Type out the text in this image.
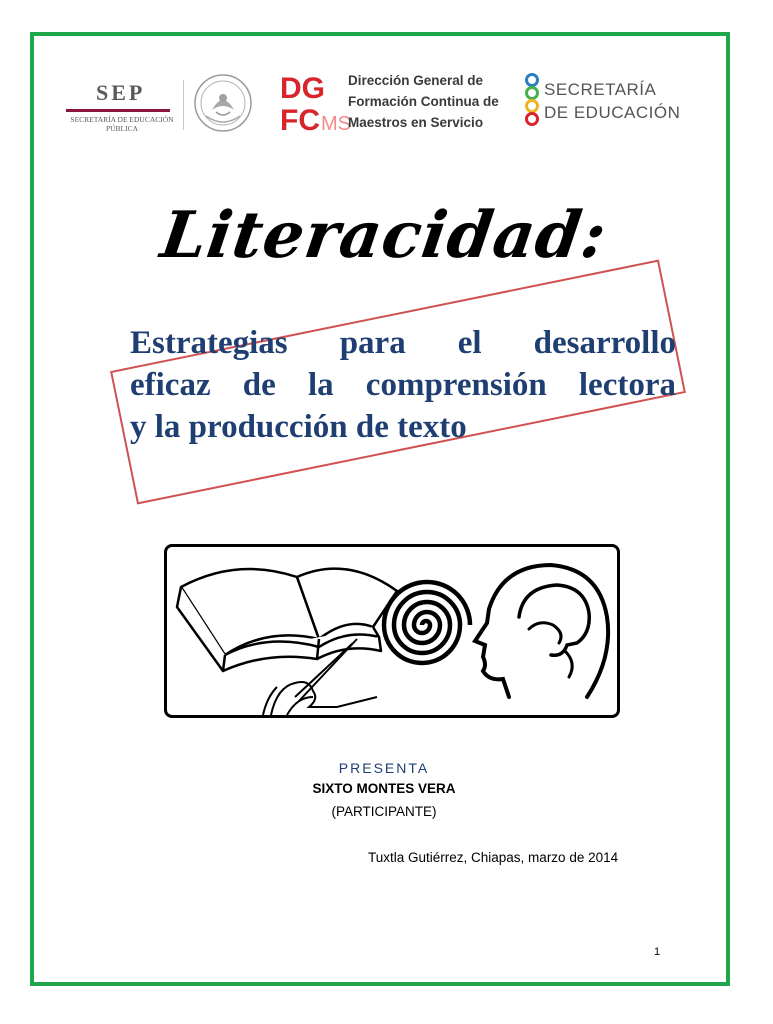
SEP
SECRETARÍA DE EDUCACIÓN PÚBLICA
DG
FC MS
Dirección General de
Formación Continua de
Maestros en Servicio
SECRETARÍA
DE EDUCACIÓN
Literacidad:
Estrategias para el desarrollo
eficaz de la comprensión lectora
y la producción de texto
PRESENTA
SIXTO MONTES VERA
(PARTICIPANTE)
Tuxtla Gutiérrez, Chiapas, marzo de 2014
1
